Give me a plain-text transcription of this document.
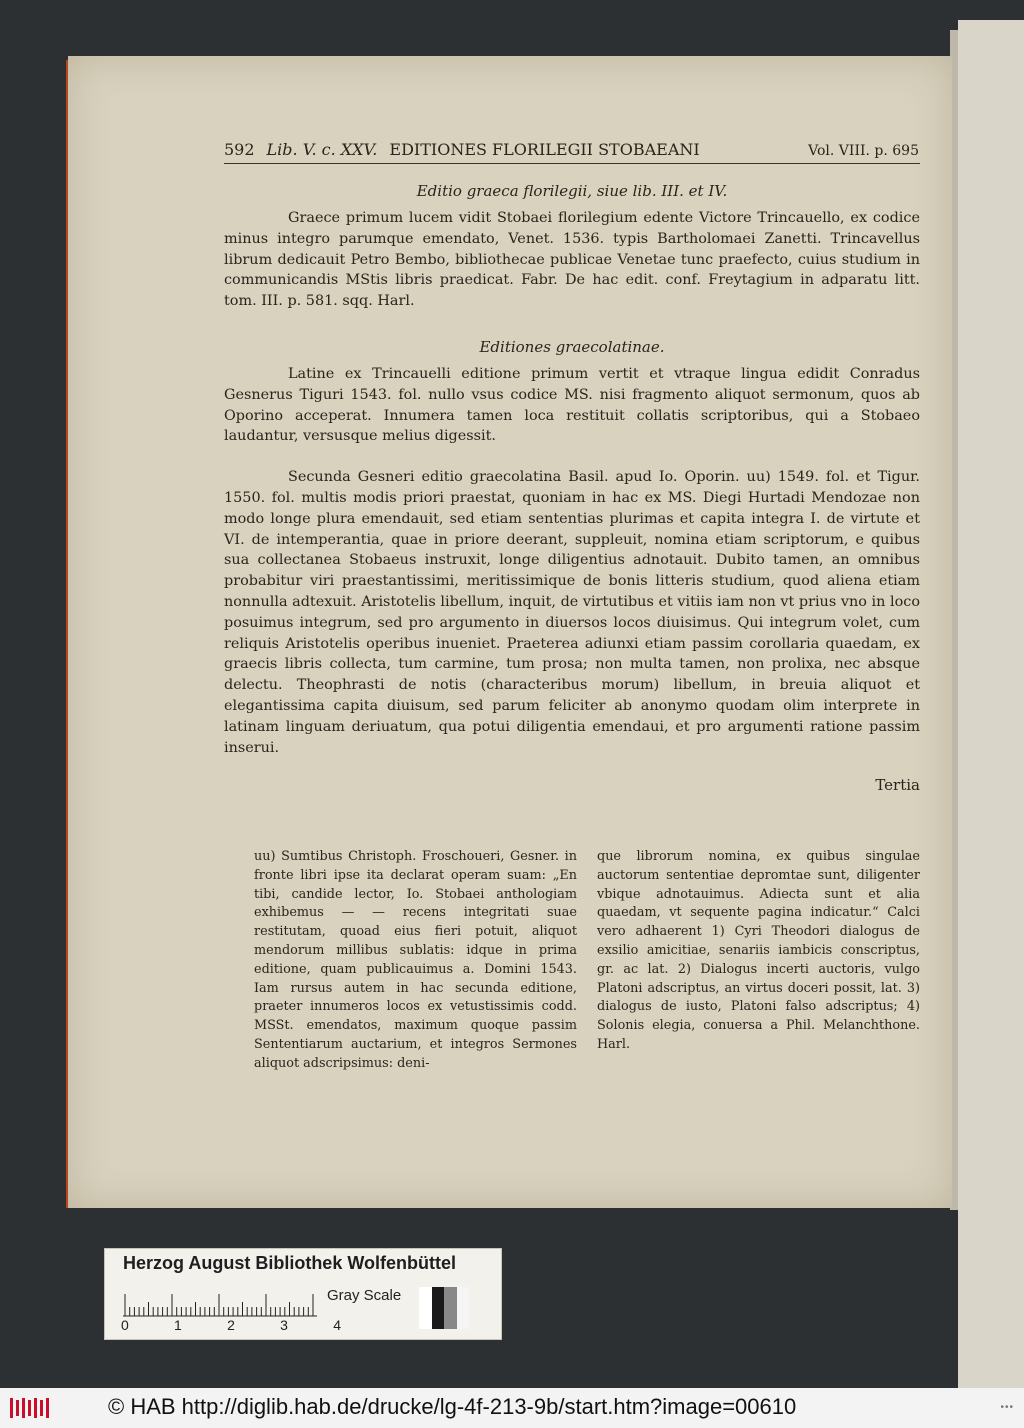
592 Lib. V. c. XXV. EDITIONES FLORILEGII STOBAEANI	Vol. VIII. p. 695
Editio graeca florilegii, siue lib. III. et IV.

Graece primum lucem vidit Stobaei florilegium edente Victore Trincauello, ex codice minus integro parumque emendato, Venet. 1536. typis Bartholomaei Zanetti. Trincavellus librum dedicauit Petro Bembo, bibliothecae publicae Venetae tunc praefecto, cuius studium in communicandis MStis libris praedicat. Fabr. De hac edit. conf. Freytagium in adparatu litt. tom. III. p. 581. sqq. Harl.

Editiones graecolatinae.

Latine ex Trincauelli editione primum vertit et vtraque lingua edidit Conradus Gesnerus Tiguri 1543. fol. nullo vsus codice MS. nisi fragmento aliquot sermonum, quos ab Oporino acceperat. Innumera tamen loca restituit collatis scriptoribus, qui a Stobaeo laudantur, versusque melius digessit.

Secunda Gesneri editio graecolatina Basil. apud Io. Oporin. uu) 1549. fol. et Tigur. 1550. fol. multis modis priori praestat, quoniam in hac ex MS. Diegi Hurtadi Mendozae non modo longe plura emendauit, sed etiam sententias plurimas et capita integra I. de virtute et VI. de intemperantia, quae in priore deerant, suppleuit, nomina etiam scriptorum, e quibus sua collectanea Stobaeus instruxit, longe diligentius adnotauit. Dubito tamen, an omnibus probabitur viri praestantissimi, meritissimique de bonis litteris studium, quod aliena etiam nonnulla adtexuit. Aristotelis libellum, inquit, de virtutibus et vitiis iam non vt prius vno in loco posuimus integrum, sed pro argumento in diuersos locos diuisimus. Qui integrum volet, cum reliquis Aristotelis operibus inueniet. Praeterea adiunxi etiam passim corollaria quaedam, ex graecis libris collecta, tum carmine, tum prosa; non multa tamen, non prolixa, nec absque delectu. Theophrasti de notis (characteribus morum) libellum, in breuia aliquot et elegantissima capita diuisum, sed parum feliciter ab anonymo quodam olim interprete in latinam linguam deriuatum, qua potui diligentia emendaui, et pro argumenti ratione passim inserui.

Tertia
uu) Sumtibus Christoph. Froschoueri, Gesner. in fronte libri ipse ita declarat operam suam: „En tibi, candide lector, Io. Stobaei anthologiam exhibemus — — recens integritati suae restitutam, quoad eius fieri potuit, aliquot mendorum millibus sublatis: idque in prima editione, quam publicauimus a. Domini 1543. Iam rursus autem in hac secunda editione, praeter innumeros locos ex vetustissimis codd. MSSt. emendatos, maximum quoque passim Sententiarum auctarium, et integros Sermones aliquot adscripsimus: deni-
que librorum nomina, ex quibus singulae auctorum sententiae depromtae sunt, diligenter vbique adnotauimus. Adiecta sunt et alia quaedam, vt sequente pagina indicatur.“ Calci vero adhaerent 1) Cyri Theodori dialogus de exsilio amicitiae, senariis iambicis conscriptus, gr. ac lat. 2) Dialogus incerti auctoris, vulgo Platoni adscriptus, an virtus doceri possit, lat. 3) dialogus de iusto, Platoni falso adscriptus; 4) Solonis elegia, conuersa a Phil. Melanchthone. Harl.
Herzog August Bibliothek Wolfenbüttel
0	1	2	3	4
Gray Scale
© HAB http://diglib.hab.de/drucke/lg-4f-213-9b/start.htm?image=00610	•••
